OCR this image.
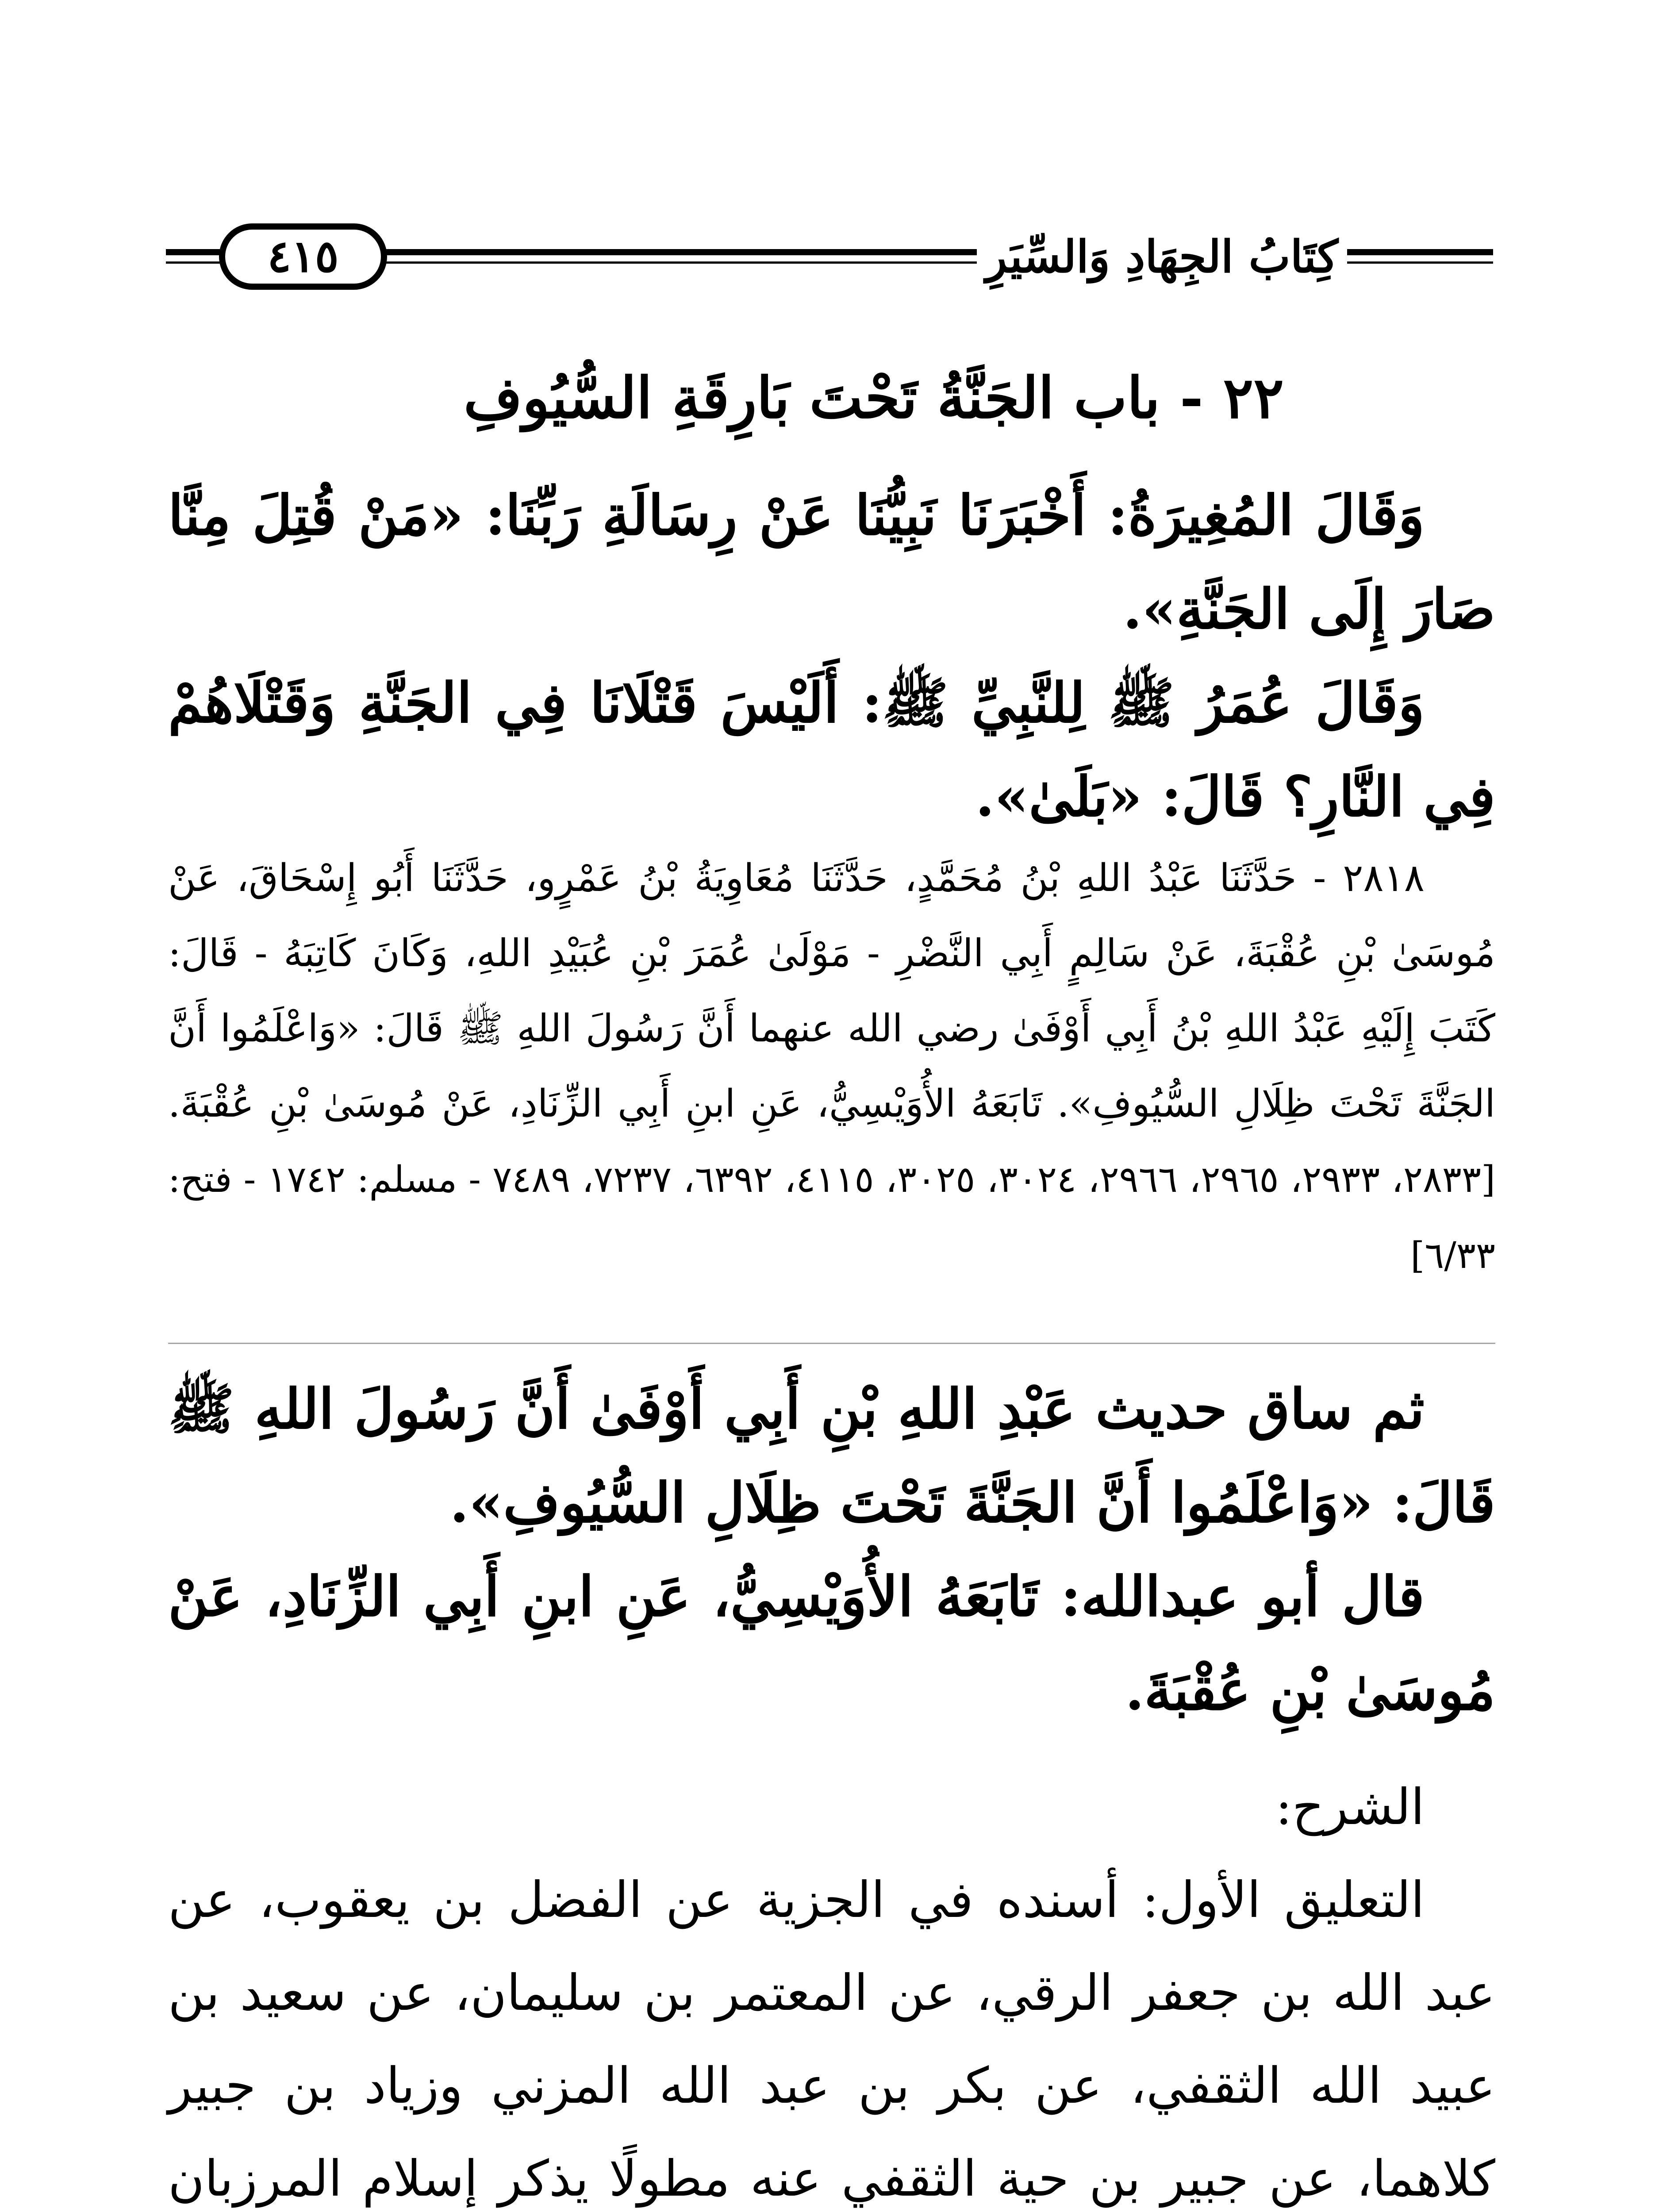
كِتَابُ الجِهَادِ وَالسِّيَرِ
٤١٥
٢٢ - باب الجَنَّةُ تَحْتَ بَارِقَةِ السُّيُوفِ

وَقَالَ المُغِيرَةُ: أَخْبَرَنَا نَبِيُّنَا عَنْ رِسَالَةِ رَبِّنَا: «مَنْ قُتِلَ مِنَّا صَارَ إِلَى الجَنَّةِ».

وَقَالَ عُمَرُ ﷺ لِلنَّبِيِّ ﷺ: أَلَيْسَ قَتْلَانَا فِي الجَنَّةِ وَقَتْلَاهُمْ فِي النَّارِ؟ قَالَ: «بَلَىٰ».

٢٨١٨ - حَدَّثَنَا عَبْدُ اللهِ بْنُ مُحَمَّدٍ، حَدَّثَنَا مُعَاوِيَةُ بْنُ عَمْرٍو، حَدَّثَنَا أَبُو إِسْحَاقَ، عَنْ مُوسَىٰ بْنِ عُقْبَةَ، عَنْ سَالِمٍ أَبِي النَّضْرِ - مَوْلَىٰ عُمَرَ بْنِ عُبَيْدِ اللهِ، وَكَانَ كَاتِبَهُ - قَالَ: كَتَبَ إِلَيْهِ عَبْدُ اللهِ بْنُ أَبِي أَوْفَىٰ رضي الله عنهما أَنَّ رَسُولَ اللهِ ﷺ قَالَ: «وَاعْلَمُوا أَنَّ الجَنَّةَ تَحْتَ ظِلَالِ السُّيُوفِ». تَابَعَهُ الأُوَيْسِيُّ، عَنِ ابنِ أَبِي الزِّنَادِ، عَنْ مُوسَىٰ بْنِ عُقْبَةَ. [٢٨٣٣، ٢٩٣٣، ٢٩٦٥، ٢٩٦٦، ٣٠٢٤، ٣٠٢٥، ٤١١٥، ٦٣٩٢، ٧٢٣٧، ٧٤٨٩ - مسلم: ١٧٤٢ - فتح: ٦/٣٣]

ثم ساق حديث عَبْدِ اللهِ بْنِ أَبِي أَوْفَىٰ أَنَّ رَسُولَ اللهِ ﷺ قَالَ: «وَاعْلَمُوا أَنَّ الجَنَّةَ تَحْتَ ظِلَالِ السُّيُوفِ».

قال أبو عبدالله: تَابَعَهُ الأُوَيْسِيُّ، عَنِ ابنِ أَبِي الزِّنَادِ، عَنْ مُوسَىٰ بْنِ عُقْبَةَ.

الشرح:

التعليق الأول: أسنده في الجزية عن الفضل بن يعقوب، عن عبد الله بن جعفر الرقي، عن المعتمر بن سليمان، عن سعيد بن عبيد الله الثقفي، عن بكر بن عبد الله المزني وزياد بن جبير كلاهما، عن جبير بن حية الثقفي عنه مطولًا يذكر إسلام المرزبان
